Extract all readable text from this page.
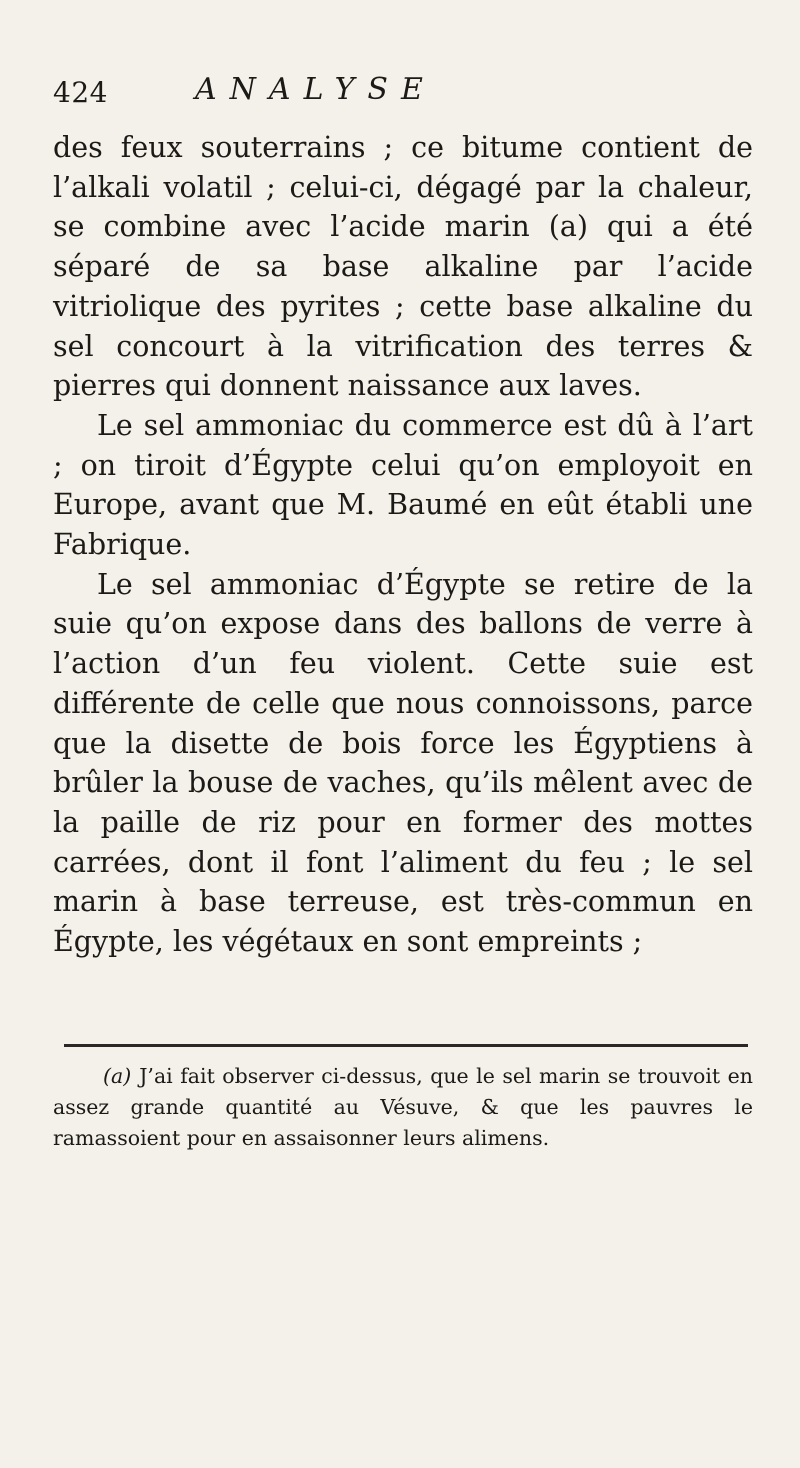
424	ANALYSE

des feux souterrains ; ce bitume contient de l’alkali volatil ; celui-ci, dégagé par la chaleur, se combine avec l’acide marin (a) qui a été séparé de sa base alkaline par l’acide vitriolique des pyrites ; cette base alkaline du sel concourt à la vitrification des terres & pierres qui donnent naissance aux laves.

Le sel ammoniac du commerce est dû à l’art ; on tiroit d’Égypte celui qu’on employoit en Europe, avant que M. Baumé en eût établi une Fabrique.

Le sel ammoniac d’Égypte se retire de la suie qu’on expose dans des ballons de verre à l’action d’un feu violent. Cette suie est différente de celle que nous connoissons, parce que la disette de bois force les Égyptiens à brûler la bouse de vaches, qu’ils mêlent avec de la paille de riz pour en former des mottes carrées, dont il font l’aliment du feu ; le sel marin à base terreuse, est très-commun en Égypte, les végétaux en sont empreints ;

(a) J’ai fait observer ci-dessus, que le sel marin se trouvoit en assez grande quantité au Vésuve, & que les pauvres le ramassoient pour en assaisonner leurs alimens.
